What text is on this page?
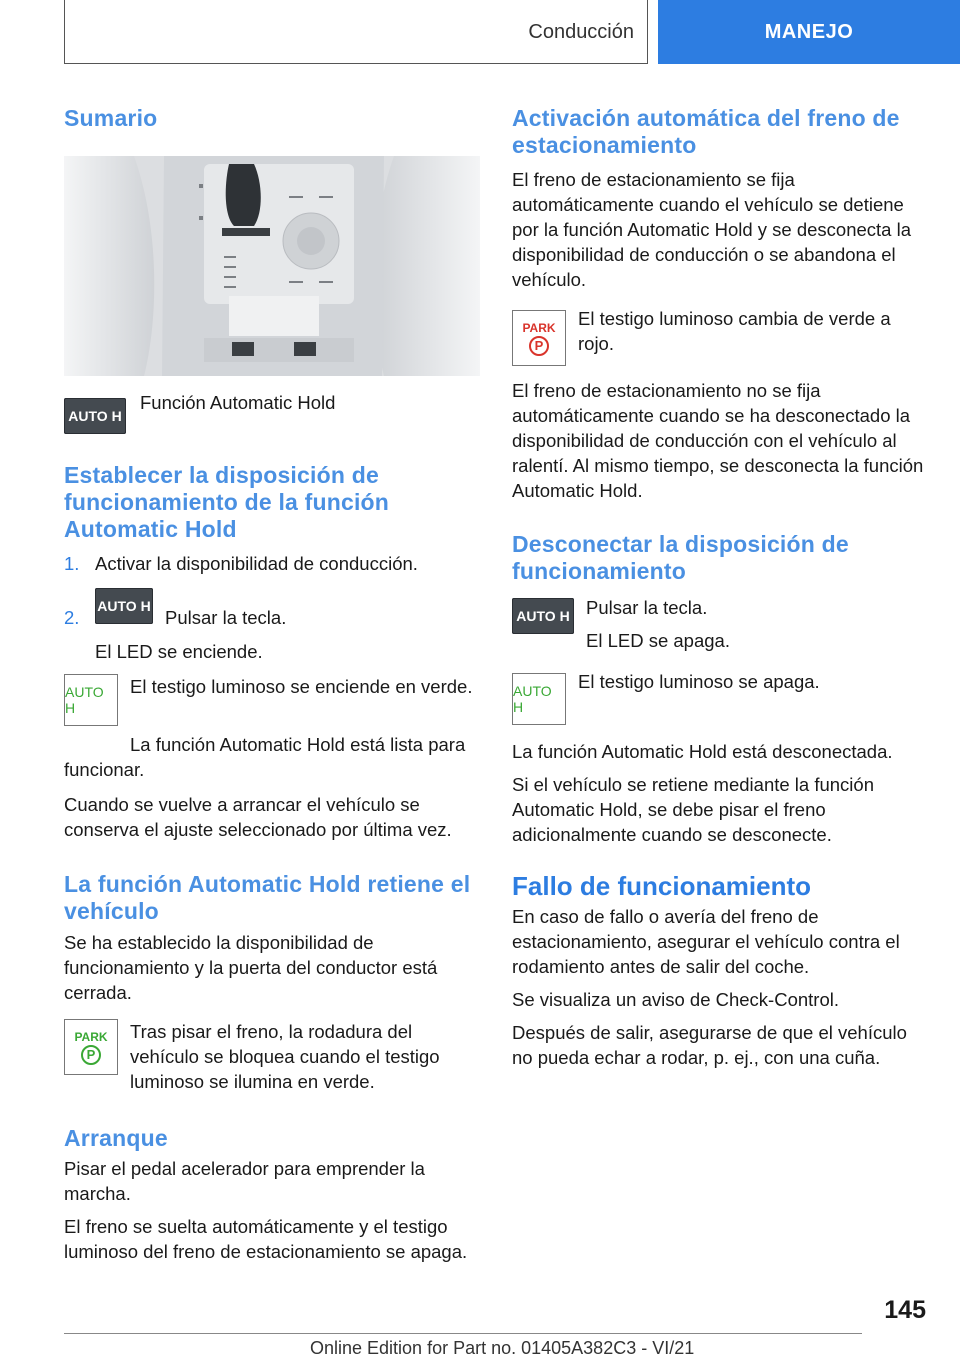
Conducción	MANEJO
Sumario
AUTO H

Función Automatic Hold

Establecer la disposición de funcionamiento de la función Automatic Hold
1. Activar la disponibilidad de conducción.

2.
AUTO H

Pulsar la tecla.

El LED se enciende.

AUTO H

El testigo luminoso se enciende en verde.

La función Automatic Hold está lista para funcionar.

Cuando se vuelve a arrancar el vehículo se conserva el ajuste seleccionado por última vez.

La función Automatic Hold retiene el vehículo

Se ha establecido la disponibilidad de funcionamiento y la puerta del conductor está cerrada.

PARK
P

Tras pisar el freno, la rodadura del vehículo se bloquea cuando el testigo luminoso se ilumina en verde.

Arranque

Pisar el pedal acelerador para emprender la marcha.

El freno se suelta automáticamente y el testigo luminoso del freno de estacionamiento se apaga.

Activación automática del freno de estacionamiento

El freno de estacionamiento se fija automáticamente cuando el vehículo se detiene por la función Automatic Hold y se desconecta la disponibilidad de conducción o se abandona el vehículo.

PARK
P

El testigo luminoso cambia de verde a rojo.

El freno de estacionamiento no se fija automáticamente cuando se ha desconectado la disponibilidad de conducción con el vehículo al ralentí. Al mismo tiempo, se desconecta la función Automatic Hold.

Desconectar la disposición de funcionamiento
AUTO H Pulsar la tecla.

El LED se apaga.

AUTO H

El testigo luminoso se apaga.

La función Automatic Hold está desconectada.

Si el vehículo se retiene mediante la función Automatic Hold, se debe pisar el freno adicionalmente cuando se desconecte.

Fallo de funcionamiento

En caso de fallo o avería del freno de estacionamiento, asegurar el vehículo contra el rodamiento antes de salir del coche.

Se visualiza un aviso de Check-Control.

Después de salir, asegurarse de que el vehículo no pueda echar a rodar, p. ej., con una cuña.

145
Online Edition for Part no. 01405A382C3 - VI/21
